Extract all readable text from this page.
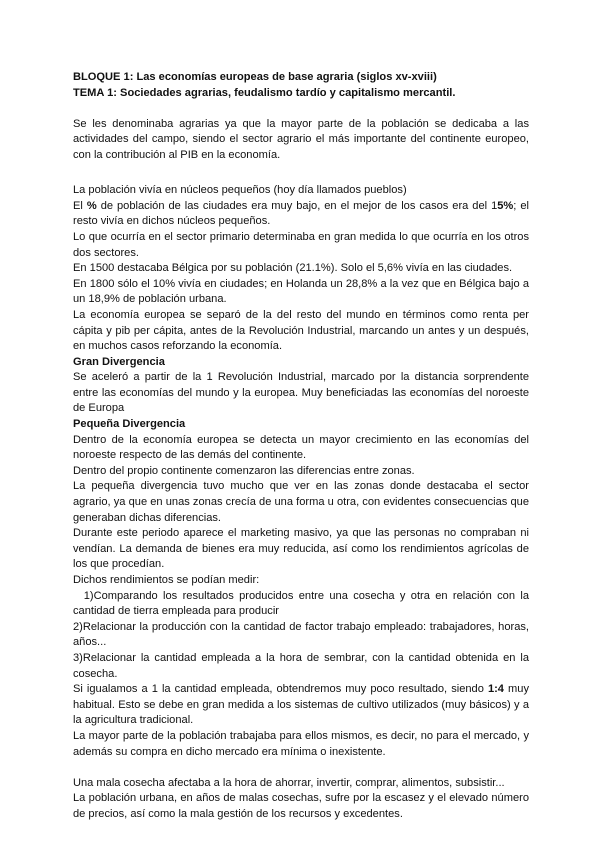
BLOQUE 1: Las economías europeas de base agraria (siglos xv-xviii)

TEMA 1: Sociedades agrarias, feudalismo tardío y capitalismo mercantil.

Se les denominaba agrarias ya que la mayor parte de la población se dedicaba a las actividades del campo, siendo el sector agrario el más importante del continente europeo, con la contribución al PIB en la economía.

La población vivía en núcleos pequeños (hoy día llamados pueblos)

El % de población de las ciudades era muy bajo, en el mejor de los casos era del 15%; el resto vivía en dichos núcleos pequeños.

Lo que ocurría en el sector primario determinaba en gran medida lo que ocurría en los otros dos sectores.

En 1500 destacaba Bélgica por su población (21.1%). Solo el 5,6% vivía en las ciudades.

En 1800 sólo el 10% vivía en ciudades; en Holanda un 28,8% a la vez que en Bélgica bajo a un 18,9% de población urbana.

La economía europea se separó de la del resto del mundo en términos como renta per cápita y pib per cápita, antes de la Revolución Industrial, marcando un antes y un después, en muchos casos reforzando la economía.

Gran Divergencia

Se aceleró a partir de la 1 Revolución Industrial, marcado por la distancia sorprendente entre las economías del mundo y la europea. Muy beneficiadas las economías del noroeste de Europa

Pequeña Divergencia

Dentro de la economía europea se detecta un mayor crecimiento en las economías del noroeste respecto de las demás del continente.

Dentro del propio continente comenzaron las diferencias entre zonas.

La pequeña divergencia tuvo mucho que ver en las zonas donde destacaba el sector agrario, ya que en unas zonas crecía de una forma u otra, con evidentes consecuencias que generaban dichas diferencias.

Durante este periodo aparece el marketing masivo, ya que las personas no compraban ni vendían. La demanda de bienes era muy reducida, así como los rendimientos agrícolas de los que procedían.

Dichos rendimientos se podían medir:

1)Comparando los resultados producidos entre una cosecha y otra en relación con la cantidad de tierra empleada para producir

2)Relacionar la producción con la cantidad de factor trabajo empleado: trabajadores, horas, años...

3)Relacionar la cantidad empleada a la hora de sembrar, con la cantidad obtenida en la cosecha.

Si igualamos a 1 la cantidad empleada, obtendremos muy poco resultado, siendo 1:4 muy habitual. Esto se debe en gran medida a los sistemas de cultivo utilizados (muy básicos) y a la agricultura tradicional.

La mayor parte de la población trabajaba para ellos mismos, es decir, no para el mercado, y además su compra en dicho mercado era mínima o inexistente.

Una mala cosecha afectaba a la hora de ahorrar, invertir, comprar, alimentos, subsistir...

La población urbana, en años de malas cosechas, sufre por la escasez y el elevado número de precios, así como la mala gestión de los recursos y excedentes.
